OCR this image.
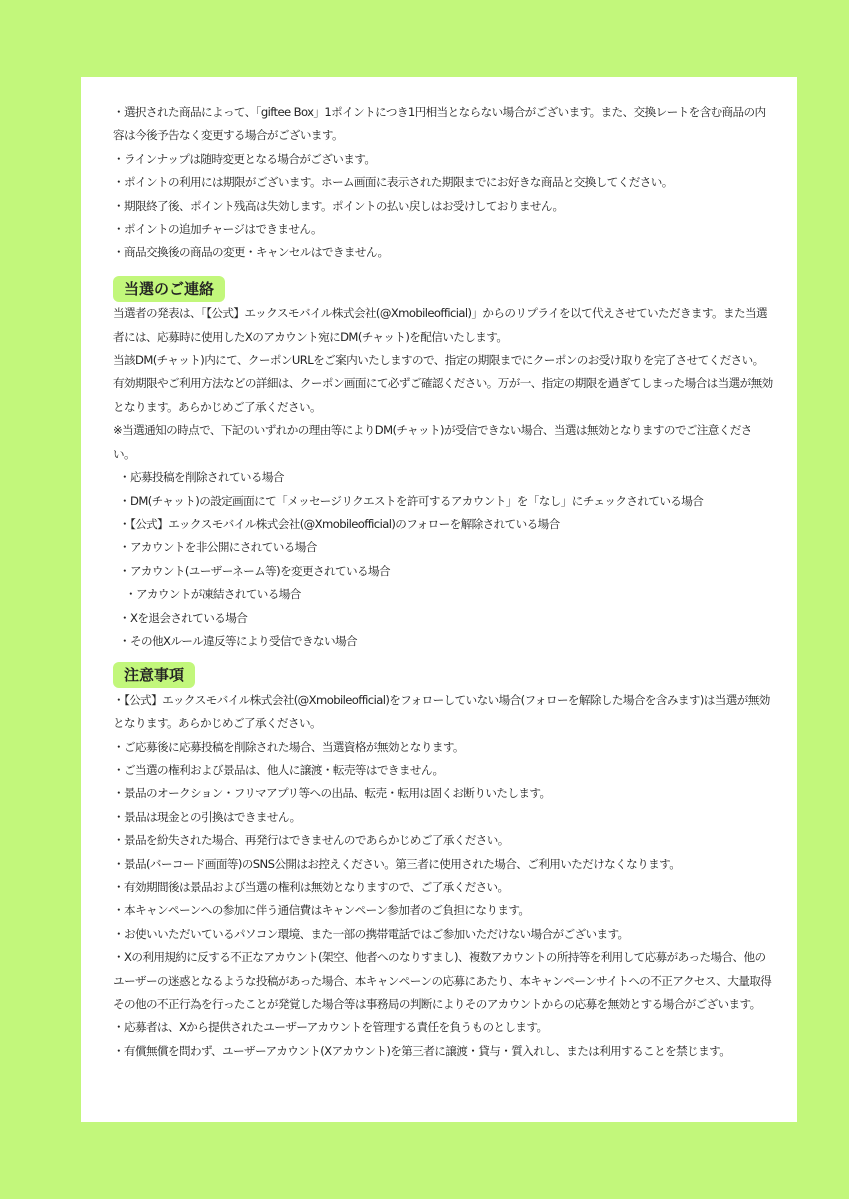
・選択された商品によって、「giftee Box」1ポイントにつき1円相当とならない場合がございます。また、交換レートを含む商品の内容は今後予告なく変更する場合がございます。

・ラインナップは随時変更となる場合がございます。

・ポイントの利用には期限がございます。ホーム画面に表示された期限までにお好きな商品と交換してください。

・期限終了後、ポイント残高は失効します。ポイントの払い戻しはお受けしておりません。

・ポイントの追加チャージはできません。

・商品交換後の商品の変更・キャンセルはできません。

当選のご連絡

当選者の発表は、「【公式】エックスモバイル株式会社(@Xmobileofficial)」からのリプライを以て代えさせていただきます。また当選者には、応募時に使用したXのアカウント宛にDM(チャット)を配信いたします。

当該DM(チャット)内にて、クーポンURLをご案内いたしますので、指定の期限までにクーポンのお受け取りを完了させてください。有効期限やご利用方法などの詳細は、クーポン画面にて必ずご確認ください。万が一、指定の期限を過ぎてしまった場合は当選が無効となります。あらかじめご了承ください。

※当選通知の時点で、下記のいずれかの理由等によりDM(チャット)が受信できない場合、当選は無効となりますのでご注意ください。

・応募投稿を削除されている場合

・DM(チャット)の設定画面にて「メッセージリクエストを許可するアカウント」を「なし」にチェックされている場合

・【公式】エックスモバイル株式会社(@Xmobileofficial)のフォローを解除されている場合

・アカウントを非公開にされている場合

・アカウント(ユーザーネーム等)を変更されている場合

・アカウントが凍結されている場合

・Xを退会されている場合

・その他Xルール違反等により受信できない場合

注意事項

・【公式】エックスモバイル株式会社(@Xmobileofficial)をフォローしていない場合(フォローを解除した場合を含みます)は当選が無効となります。あらかじめご了承ください。

・ご応募後に応募投稿を削除された場合、当選資格が無効となります。

・ご当選の権利および景品は、他人に譲渡・転売等はできません。

・景品のオークション・フリマアプリ等への出品、転売・転用は固くお断りいたします。

・景品は現金との引換はできません。

・景品を紛失された場合、再発行はできませんのであらかじめご了承ください。

・景品(バーコード画面等)のSNS公開はお控えください。第三者に使用された場合、ご利用いただけなくなります。

・有効期間後は景品および当選の権利は無効となりますので、ご了承ください。

・本キャンペーンへの参加に伴う通信費はキャンペーン参加者のご負担になります。

・お使いいただいているパソコン環境、また一部の携帯電話ではご参加いただけない場合がございます。

・Xの利用規約に反する不正なアカウント(架空、他者へのなりすまし)、複数アカウントの所持等を利用して応募があった場合、他のユーザーの迷惑となるような投稿があった場合、本キャンペーンの応募にあたり、本キャンペーンサイトへの不正アクセス、大量取得その他の不正行為を行ったことが発覚した場合等は事務局の判断によりそのアカウントからの応募を無効とする場合がございます。

・応募者は、Xから提供されたユーザーアカウントを管理する責任を負うものとします。

・有償無償を問わず、ユーザーアカウント(Xアカウント)を第三者に譲渡・貸与・質入れし、または利用することを禁じます。
